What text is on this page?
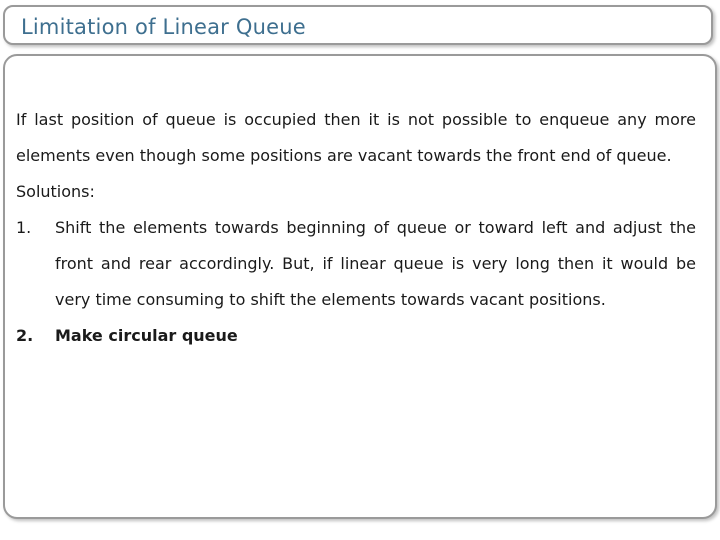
Limitation of Linear Queue

If last position of queue is occupied then it is not possible to enqueue any more elements even though some positions are vacant towards the front end of queue.

Solutions:

1. Shift the elements towards beginning of queue or toward left and adjust the front and rear accordingly. But, if linear queue is very long then it would be very time consuming to shift the elements towards vacant positions.
2. Make circular queue
